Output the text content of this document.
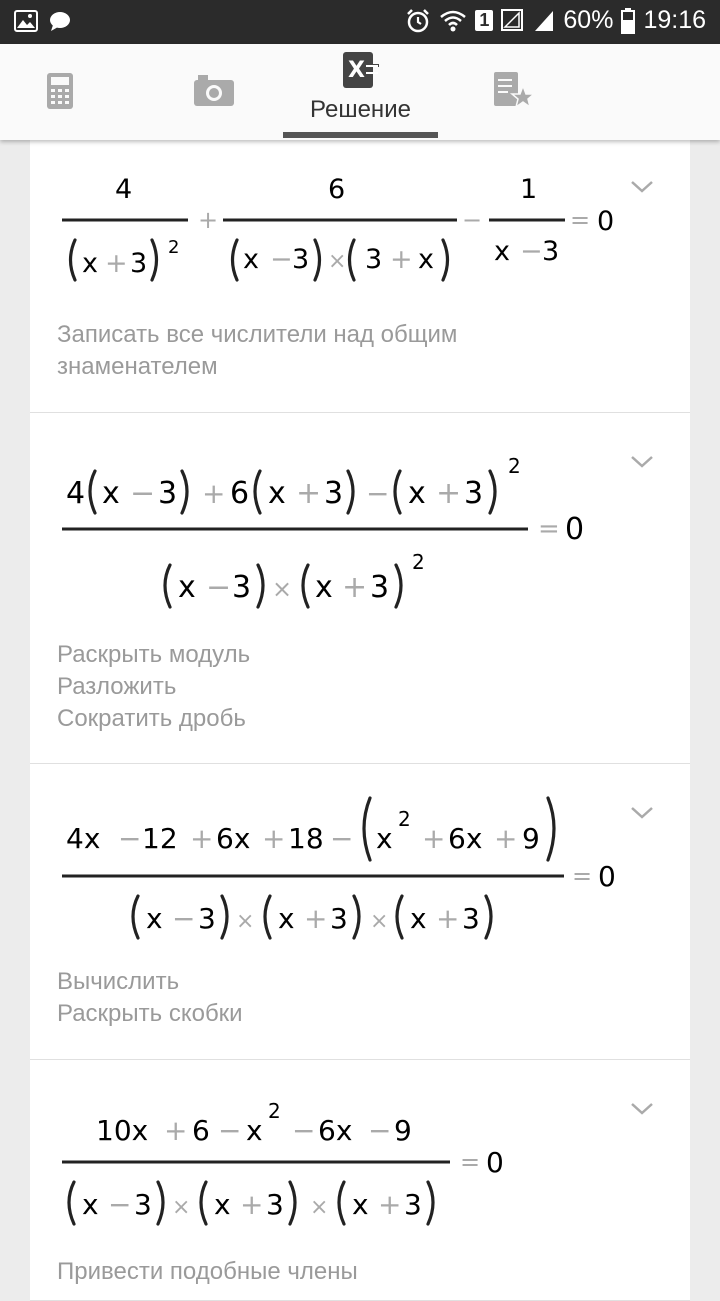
1	60% 19:16
X
Решение
4
x + 3
2
+
6
x − 3 × 3 + x
−
1
x − 3
= 0
Записать все числители над общим
знаменателем
4 x − 3 + 6 x + 3 − x + 3
2
x − 3 × x + 3
2
= 0
Раскрыть модуль
Разложить
Сократить дробь
4x − 12 + 6x + 18 − x
2
+ 6x + 9
x − 3 × x + 3 × x + 3
= 0
Вычислить
Раскрыть скобки
10x + 6 − x
2
− 6x − 9
x − 3 × x + 3 × x + 3
= 0
Привести подобные члены
